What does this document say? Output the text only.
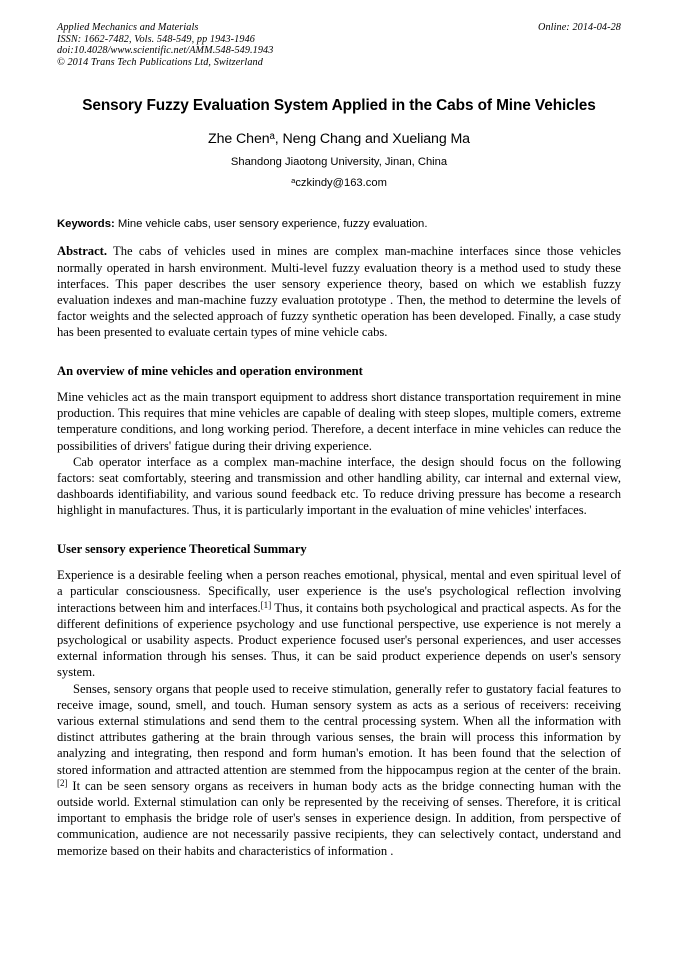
Applied Mechanics and Materials
ISSN: 1662-7482, Vols. 548-549, pp 1943-1946
doi:10.4028/www.scientific.net/AMM.548-549.1943
© 2014 Trans Tech Publications Ltd, Switzerland
Online: 2014-04-28
Sensory Fuzzy Evaluation System Applied in the Cabs of Mine Vehicles
Zhe Chen$^a$, Neng Chang and Xueliang Ma
Shandong Jiaotong University, Jinan, China
$^a$czkindy@163.com
Keywords: Mine vehicle cabs, user sensory experience, fuzzy evaluation.
Abstract. The cabs of vehicles used in mines are complex man-machine interfaces since those vehicles normally operated in harsh environment. Multi-level fuzzy evaluation theory is a method used to study these interfaces. This paper describes the user sensory experience theory, based on which we establish fuzzy evaluation indexes and man-machine fuzzy evaluation prototype . Then, the method to determine the levels of factor weights and the selected approach of fuzzy synthetic operation has been developed. Finally, a case study has been presented to evaluate certain types of mine vehicle cabs.
An overview of mine vehicles and operation environment

Mine vehicles act as the main transport equipment to address short distance transportation requirement in mine production. This requires that mine vehicles are capable of dealing with steep slopes, multiple comers, extreme temperature conditions, and long working period. Therefore, a decent interface in mine vehicles can reduce the possibilities of drivers' fatigue during their driving experience.

Cab operator interface as a complex man-machine interface, the design should focus on the following factors: seat comfortably, steering and transmission and other handling ability, car internal and external view, dashboards identifiability, and various sound feedback etc. To reduce driving pressure has become a research highlight in manufactures. Thus, it is particularly important in the evaluation of mine vehicles' interfaces.

User sensory experience Theoretical Summary

Experience is a desirable feeling when a person reaches emotional, physical, mental and even spiritual level of a particular consciousness. Specifically, user experience is the use's psychological reflection involving interactions between him and interfaces.[1] Thus, it contains both psychological and practical aspects. As for the different definitions of experience psychology and use functional perspective, use experience is not merely a psychological or usability aspects. Product experience focused user's personal experiences, and user accesses external information through his senses. Thus, it can be said product experience depends on user's sensory system.

Senses, sensory organs that people used to receive stimulation, generally refer to gustatory facial features to receive image, sound, smell, and touch. Human sensory system as acts as a serious of receivers: receiving various external stimulations and send them to the central processing system. When all the information with distinct attributes gathering at the brain through various senses, the brain will process this information by analyzing and integrating, then respond and form human's emotion. It has been found that the selection of stored information and attracted attention are stemmed from the hippocampus region at the center of the brain.[2] It can be seen sensory organs as receivers in human body acts as the bridge connecting human with the outside world. External stimulation can only be represented by the receiving of senses. Therefore, it is critical important to emphasis the bridge role of user's senses in experience design. In addition, from perspective of communication, audience are not necessarily passive recipients, they can selectively contact, understand and memorize based on their habits and characteristics of information .
